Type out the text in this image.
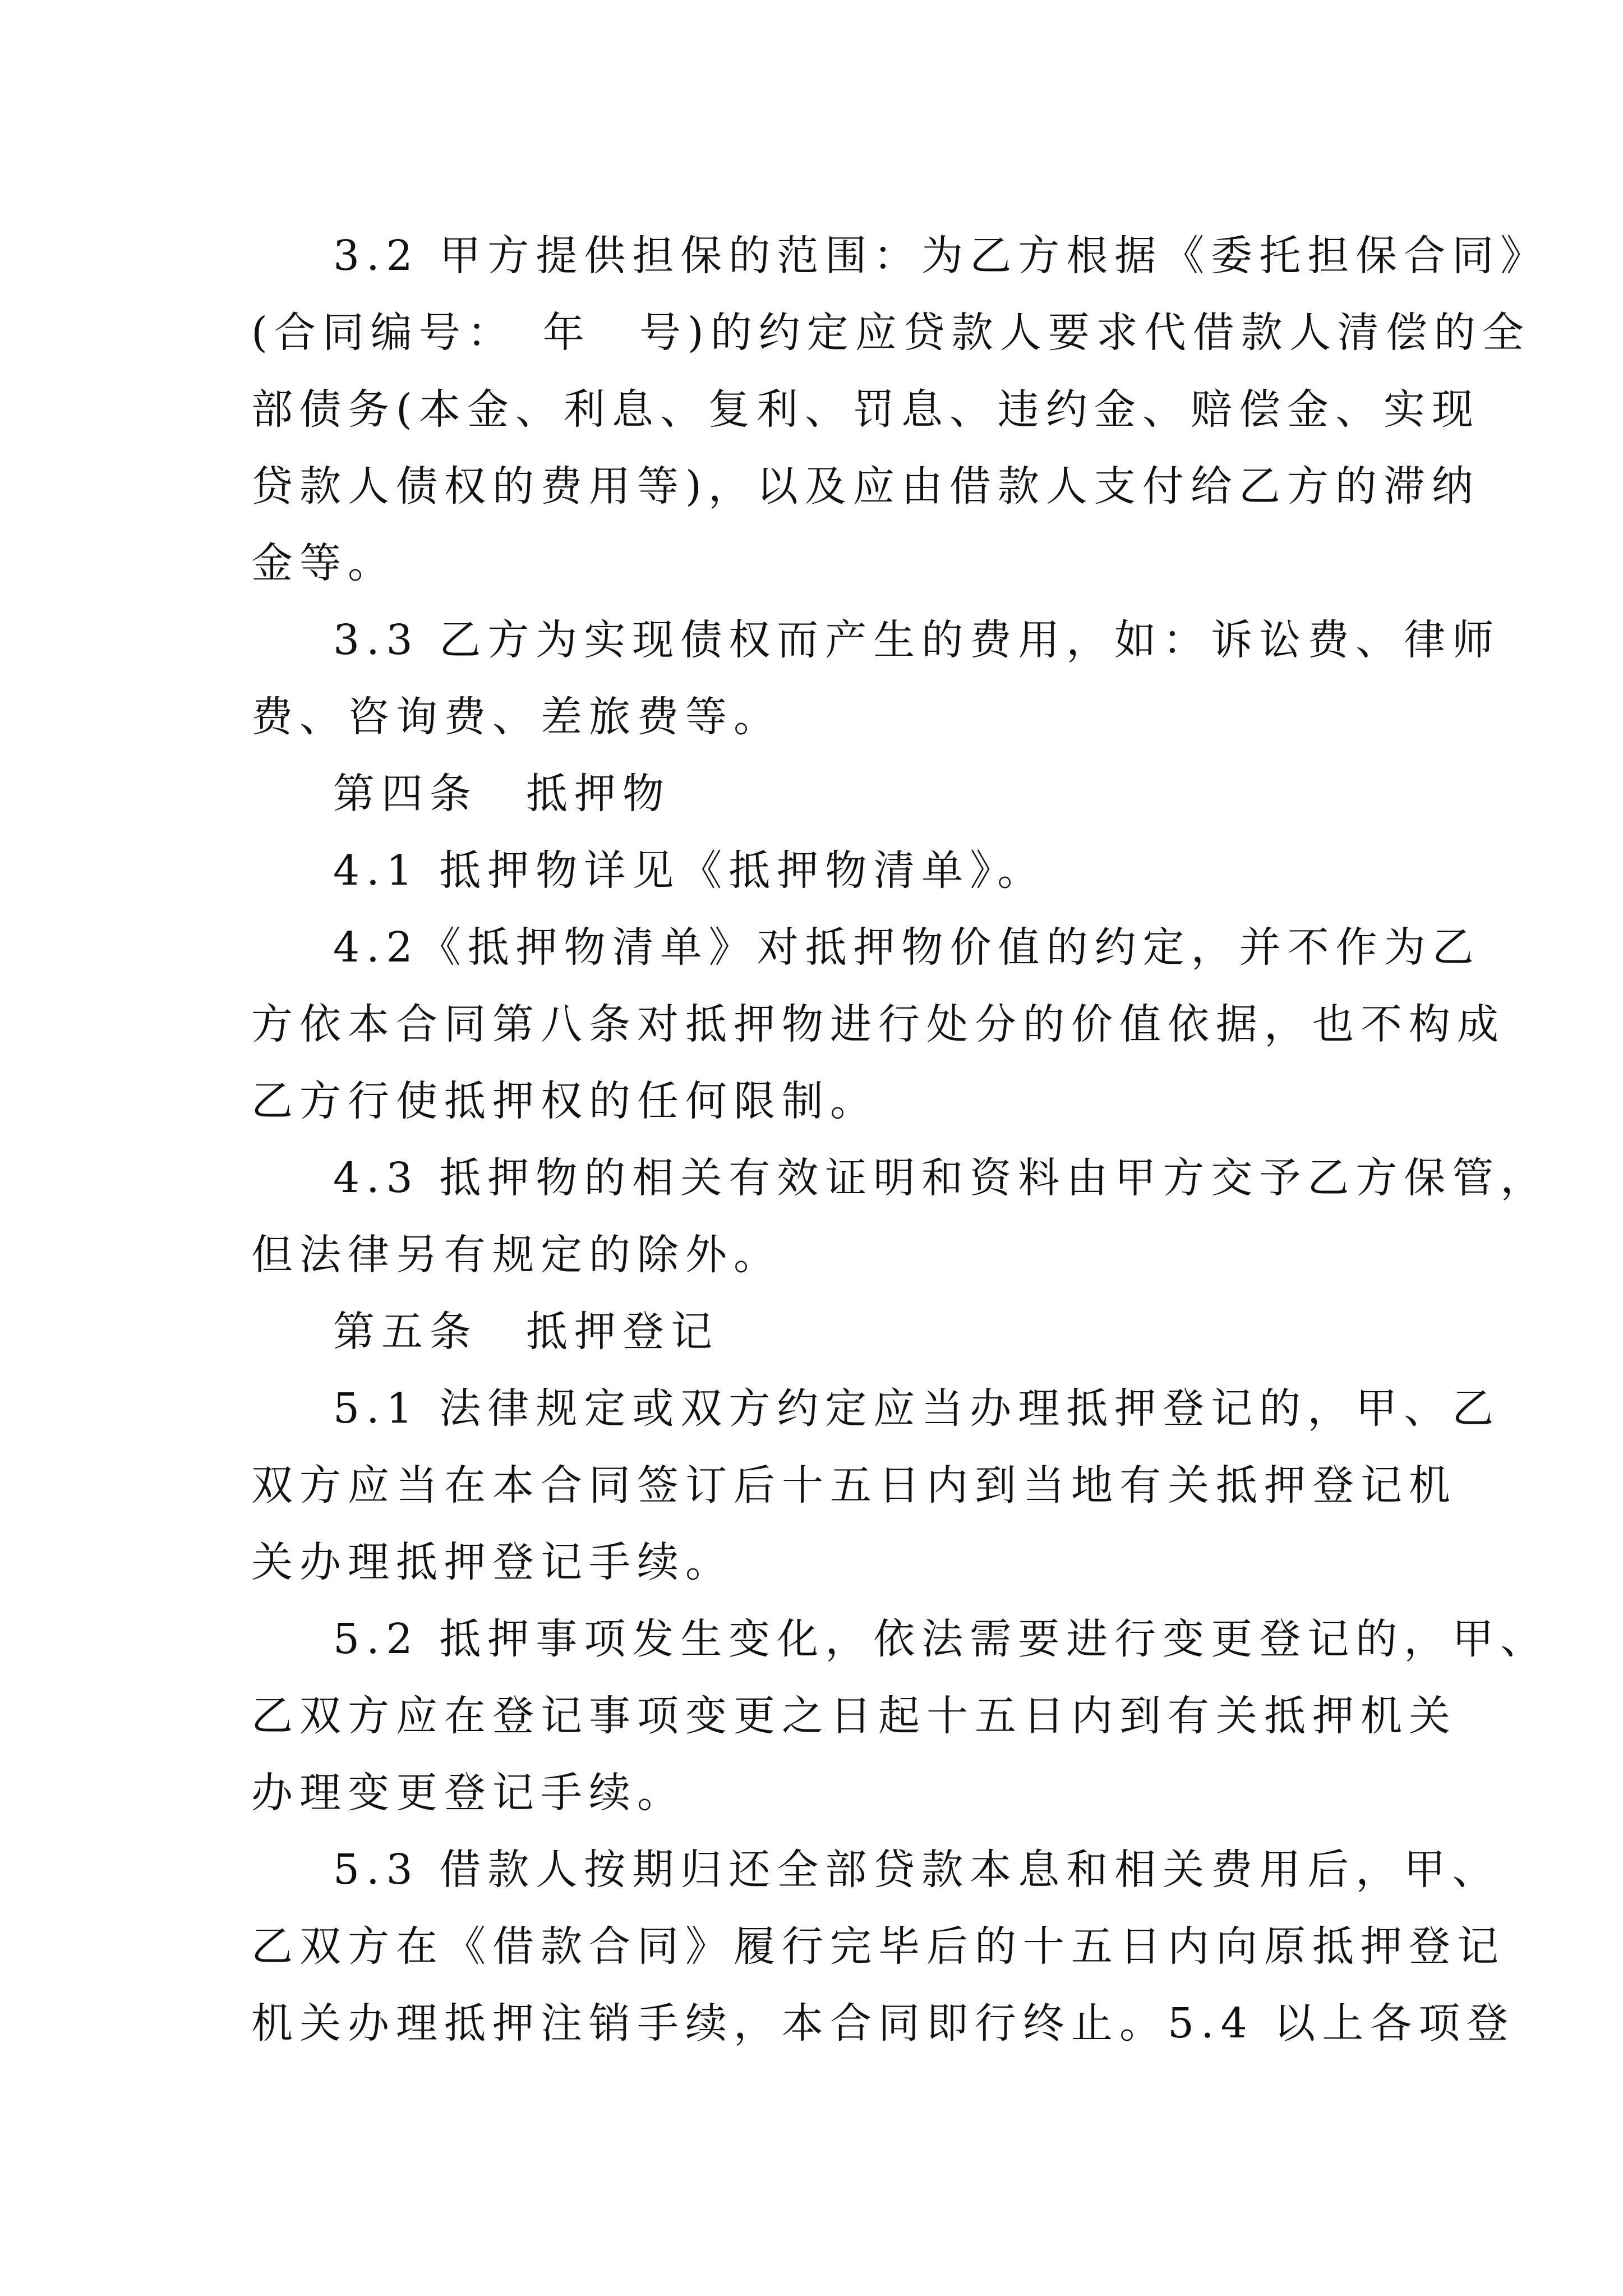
3.2 甲方提供担保的范围：为乙方根据《委托担保合同》
(合同编号：　年　号)的约定应贷款人要求代借款人清偿的全
部债务(本金、利息、复利、罚息、违约金、赔偿金、实现
贷款人债权的费用等)，以及应由借款人支付给乙方的滞纳
金等。
3.3 乙方为实现债权而产生的费用，如：诉讼费、律师
费、咨询费、差旅费等。
第四条　抵押物
4.1 抵押物详见《抵押物清单》。
4.2《抵押物清单》对抵押物价值的约定，并不作为乙
方依本合同第八条对抵押物进行处分的价值依据，也不构成
乙方行使抵押权的任何限制。
4.3 抵押物的相关有效证明和资料由甲方交予乙方保管，
但法律另有规定的除外。
第五条　抵押登记
5.1 法律规定或双方约定应当办理抵押登记的，甲、乙
双方应当在本合同签订后十五日内到当地有关抵押登记机
关办理抵押登记手续。
5.2 抵押事项发生变化，依法需要进行变更登记的，甲、
乙双方应在登记事项变更之日起十五日内到有关抵押机关
办理变更登记手续。
5.3 借款人按期归还全部贷款本息和相关费用后，甲、
乙双方在《借款合同》履行完毕后的十五日内向原抵押登记
机关办理抵押注销手续，本合同即行终止。5.4 以上各项登
